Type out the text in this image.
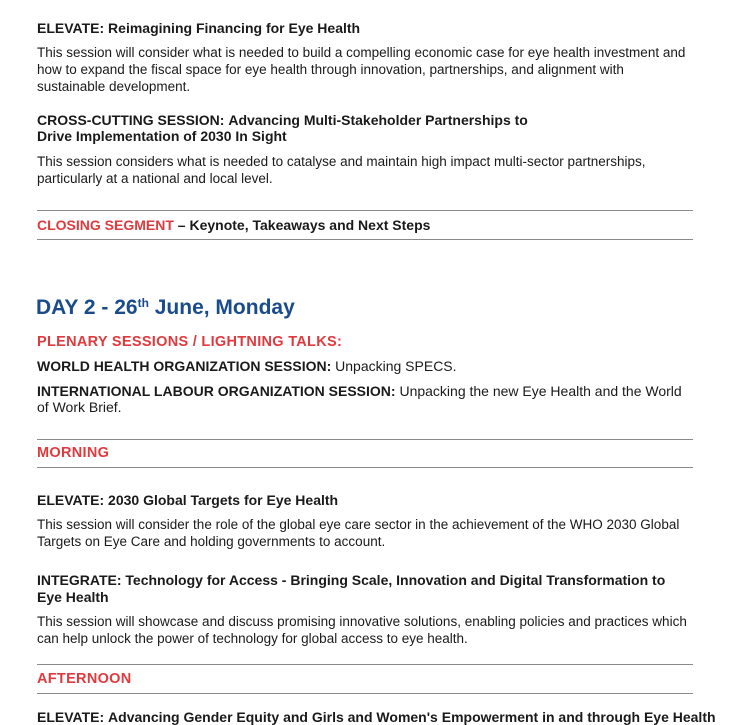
ELEVATE: Reimagining Financing for Eye Health
This session will consider what is needed to build a compelling economic case for eye health investment and how to expand the fiscal space for eye health through innovation, partnerships, and alignment with sustainable development.
CROSS-CUTTING SESSION: Advancing Multi-Stakeholder Partnerships to
Drive Implementation of 2030 In Sight
This session considers what is needed to catalyse and maintain high impact multi-sector partnerships, particularly at a national and local level.
CLOSING SEGMENT – Keynote, Takeaways and Next Steps
DAY 2 - 26th June, Monday
PLENARY SESSIONS / LIGHTNING TALKS:
WORLD HEALTH ORGANIZATION SESSION: Unpacking SPECS.
INTERNATIONAL LABOUR ORGANIZATION SESSION: Unpacking the new Eye Health and the World of Work Brief.
MORNING
ELEVATE: 2030 Global Targets for Eye Health
This session will consider the role of the global eye care sector in the achievement of the WHO 2030 Global Targets on Eye Care and holding governments to account.
INTEGRATE: Technology for Access - Bringing Scale, Innovation and Digital Transformation to Eye Health
This session will showcase and discuss promising innovative solutions, enabling policies and practices which can help unlock the power of technology for global access to eye health.
AFTERNOON
ELEVATE: Advancing Gender Equity and Girls and Women's Empowerment in and through Eye Health
